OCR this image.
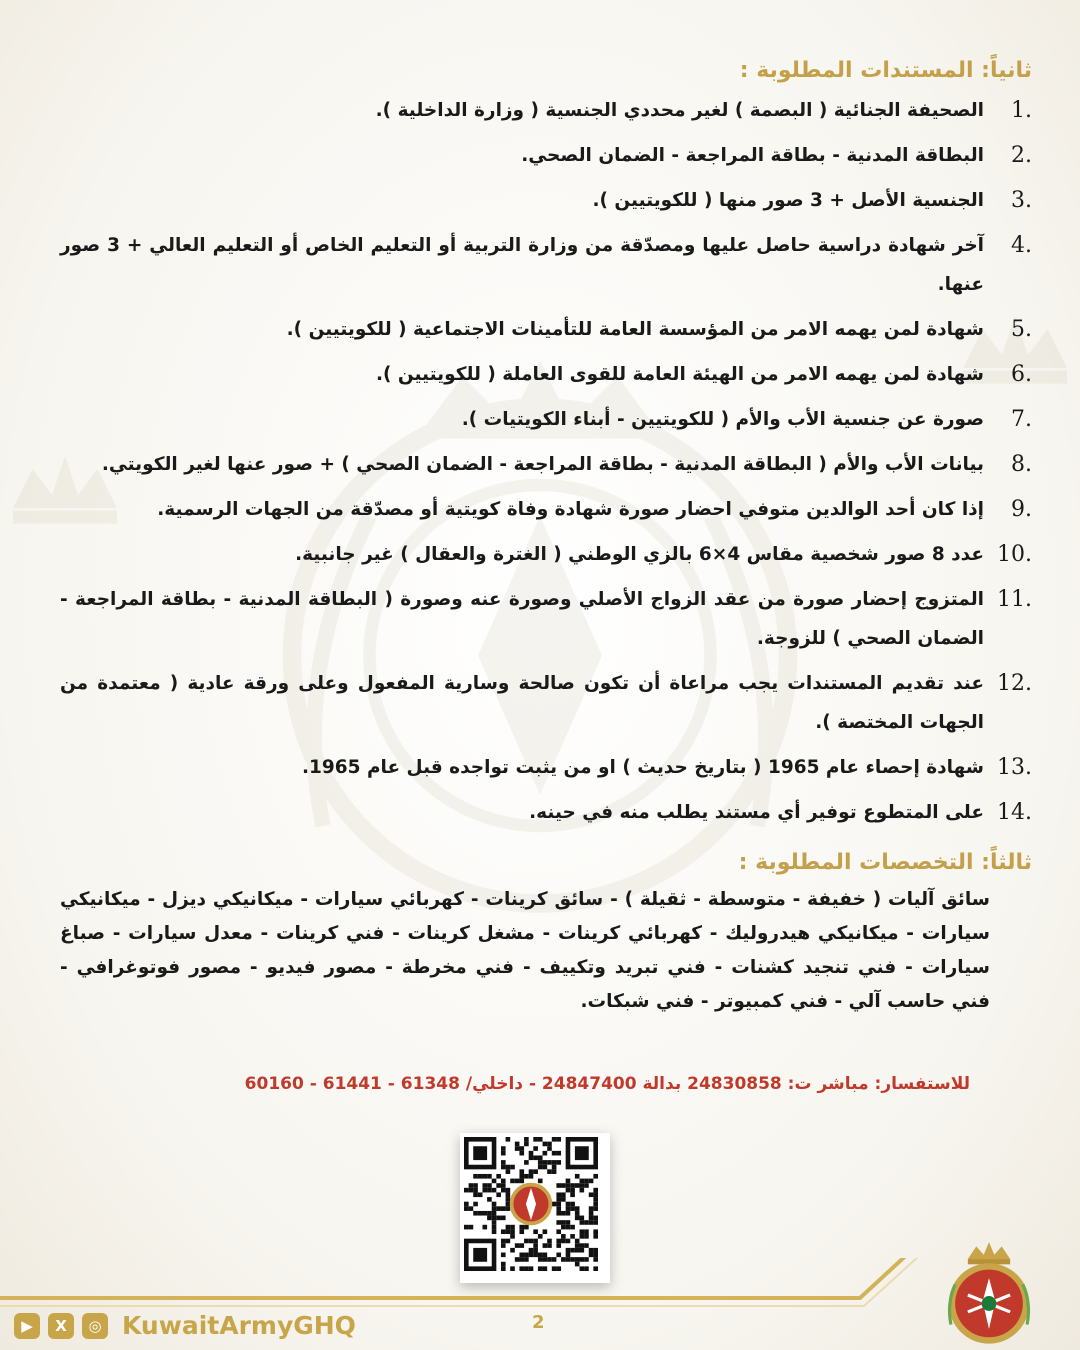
ثانياً: المستندات المطلوبة :
1.
الصحيفة الجنائية ( البصمة ) لغير محددي الجنسية ( وزارة الداخلية ).
2.
البطاقة المدنية - بطاقة المراجعة - الضمان الصحي.
3.
الجنسية الأصل + 3 صور منها ( للكويتيين ).
4.
آخر شهادة دراسية حاصل عليها ومصدّقة من وزارة التربية أو التعليم الخاص أو التعليم العالي + 3 صور عنها.
5.
شهادة لمن يهمه الامر من المؤسسة العامة للتأمينات الاجتماعية ( للكويتيين ).
6.
شهادة لمن يهمه الامر من الهيئة العامة للقوى العاملة ( للكويتيين ).
7.
صورة عن جنسية الأب والأم ( للكويتيين - أبناء الكويتيات ).
8.
بيانات الأب والأم ( البطاقة المدنية - بطاقة المراجعة - الضمان الصحي ) + صور عنها لغير الكويتي.
9.
إذا كان أحد الوالدين متوفي احضار صورة شهادة وفاة كويتية أو مصدّقة من الجهات الرسمية.
10.
عدد 8 صور شخصية مقاس 4×6 بالزي الوطني ( الغترة والعقال ) غير جانبية.
11.
المتزوج إحضار صورة من عقد الزواج الأصلي وصورة عنه وصورة ( البطاقة المدنية - بطاقة المراجعة - الضمان الصحي ) للزوجة.
12.
عند تقديم المستندات يجب مراعاة أن تكون صالحة وسارية المفعول وعلى ورقة عادية ( معتمدة من الجهات المختصة ).
13.
شهادة إحصاء عام 1965 ( بتاريخ حديث ) او من يثبت تواجده قبل عام 1965.
14.
على المتطوع توفير أي مستند يطلب منه في حينه.
ثالثاً: التخصصات المطلوبة :

سائق آليات ( خفيفة - متوسطة - ثقيلة ) - سائق كرينات - كهربائي سيارات - ميكانيكي ديزل - ميكانيكي سيارات - ميكانيكي هيدروليك - كهربائي كرينات - مشغل كرينات - فني كرينات - معدل سيارات - صباغ سيارات - فني تنجيد كشنات - فني تبريد وتكييف - فني مخرطة - مصور فيديو - مصور فوتوغرافي - فني حاسب آلي - فني كمبيوتر - فني شبكات.

للاستفسار: مباشر ت: 24830858 بدالة 24847400 - داخلي/ 61348 - 61441 - 60160
▶	X	◎ KuwaitArmyGHQ	2
